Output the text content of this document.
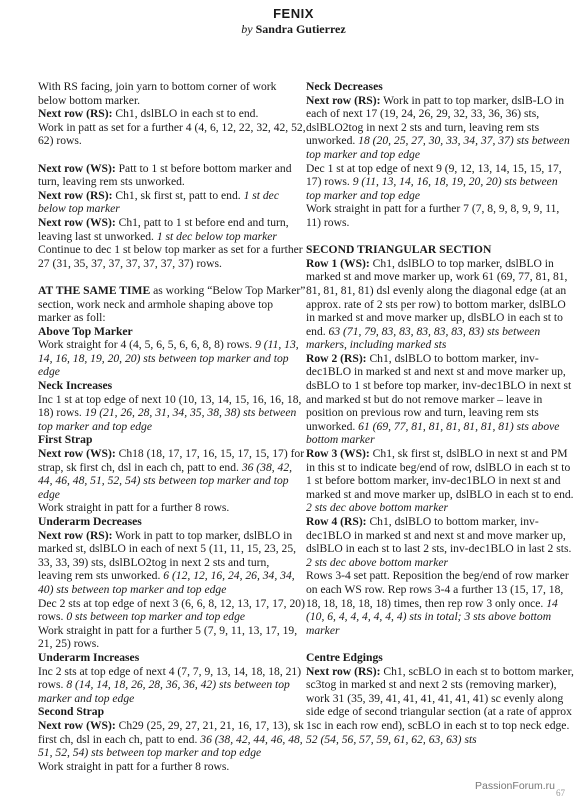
FENIX
by Sandra Gutierrez

With RS facing, join yarn to bottom corner of work below bottom marker.

Next row (RS): Ch1, dslBLO in each st to end.

Work in patt as set for a further 4 (4, 6, 12, 22, 32, 42, 52, 62) rows.

Next row (WS): Patt to 1 st before bottom marker and turn, leaving rem sts unworked.

Next row (RS): Ch1, sk first st, patt to end. 1 st dec below top marker

Next row (WS): Ch1, patt to 1 st before end and turn, leaving last st unworked. 1 st dec below top marker

Continue to dec 1 st below top marker as set for a further 27 (31, 35, 37, 37, 37, 37, 37, 37) rows.

AT THE SAME TIME as working “Below Top Marker” section, work neck and armhole shaping above top marker as foll:

Above Top Marker

Work straight for 4 (4, 5, 6, 5, 6, 6, 8, 8) rows. 9 (11, 13, 14, 16, 18, 19, 20, 20) sts between top marker and top edge

Neck Increases

Inc 1 st at top edge of next 10 (10, 13, 14, 15, 16, 16, 18, 18) rows. 19 (21, 26, 28, 31, 34, 35, 38, 38) sts between top marker and top edge

First Strap

Next row (WS): Ch18 (18, 17, 17, 16, 15, 17, 15, 17) for strap, sk first ch, dsl in each ch, patt to end. 36 (38, 42, 44, 46, 48, 51, 52, 54) sts between top marker and top edge

Work straight in patt for a further 8 rows.

Underarm Decreases

Next row (RS): Work in patt to top marker, dslBLO in marked st, dslBLO in each of next 5 (11, 11, 15, 23, 25, 33, 33, 39) sts, dslBLO2tog in next 2 sts and turn, leaving rem sts unworked. 6 (12, 12, 16, 24, 26, 34, 34, 40) sts between top marker and top edge

Dec 2 sts at top edge of next 3 (6, 6, 8, 12, 13, 17, 17, 20) rows. 0 sts between top marker and top edge

Work straight in patt for a further 5 (7, 9, 11, 13, 17, 19, 21, 25) rows.

Underarm Increases

Inc 2 sts at top edge of next 4 (7, 7, 9, 13, 14, 18, 18, 21) rows. 8 (14, 14, 18, 26, 28, 36, 36, 42) sts between top marker and top edge

Second Strap

Next row (WS): Ch29 (25, 29, 27, 21, 21, 16, 17, 13), sk first ch, dsl in each ch, patt to end. 36 (38, 42, 44, 46, 48, 51, 52, 54) sts between top marker and top edge

Work straight in patt for a further 8 rows.

Neck Decreases

Next row (RS): Work in patt to top marker, dslB-LO in each of next 17 (19, 24, 26, 29, 32, 33, 36, 36) sts, dslBLO2tog in next 2 sts and turn, leaving rem sts unworked. 18 (20, 25, 27, 30, 33, 34, 37, 37) sts between top marker and top edge

Dec 1 st at top edge of next 9 (9, 12, 13, 14, 15, 15, 17, 17) rows. 9 (11, 13, 14, 16, 18, 19, 20, 20) sts between top marker and top edge

Work straight in patt for a further 7 (7, 8, 9, 8, 9, 9, 11, 11) rows.

SECOND TRIANGULAR SECTION

Row 1 (WS): Ch1, dslBLO to top marker, dslBLO in marked st and move marker up, work 61 (69, 77, 81, 81, 81, 81, 81, 81) dsl evenly along the diagonal edge (at an approx. rate of 2 sts per row) to bottom marker, dslBLO in marked st and move marker up, dlsBLO in each st to end. 63 (71, 79, 83, 83, 83, 83, 83, 83) sts between markers, including marked sts

Row 2 (RS): Ch1, dslBLO to bottom marker, inv-dec1BLO in marked st and next st and move marker up, dsBLO to 1 st before top marker, inv-dec1BLO in next st and marked st but do not remove marker – leave in position on previous row and turn, leaving rem sts unworked. 61 (69, 77, 81, 81, 81, 81, 81, 81) sts above bottom marker

Row 3 (WS): Ch1, sk first st, dslBLO in next st and PM in this st to indicate beg/end of row, dslBLO in each st to 1 st before bottom marker, inv-dec1BLO in next st and marked st and move marker up, dslBLO in each st to end. 2 sts dec above bottom marker

Row 4 (RS): Ch1, dslBLO to bottom marker, inv-dec1BLO in marked st and next st and move marker up, dslBLO in each st to last 2 sts, inv-dec1BLO in last 2 sts. 2 sts dec above bottom marker

Rows 3-4 set patt. Reposition the beg/end of row marker on each WS row. Rep rows 3-4 a further 13 (15, 17, 18, 18, 18, 18, 18, 18) times, then rep row 3 only once. 14 (10, 6, 4, 4, 4, 4, 4, 4) sts in total; 3 sts above bottom marker

Centre Edgings

Next row (RS): Ch1, scBLO in each st to bottom marker, sc3tog in marked st and next 2 sts (removing marker), work 31 (35, 39, 41, 41, 41, 41, 41, 41) sc evenly along side edge of second triangular section (at a rate of approx 1sc in each row end), scBLO in each st to top neck edge. 52 (54, 56, 57, 59, 61, 62, 63, 63) sts

PassionForum.ru
67
